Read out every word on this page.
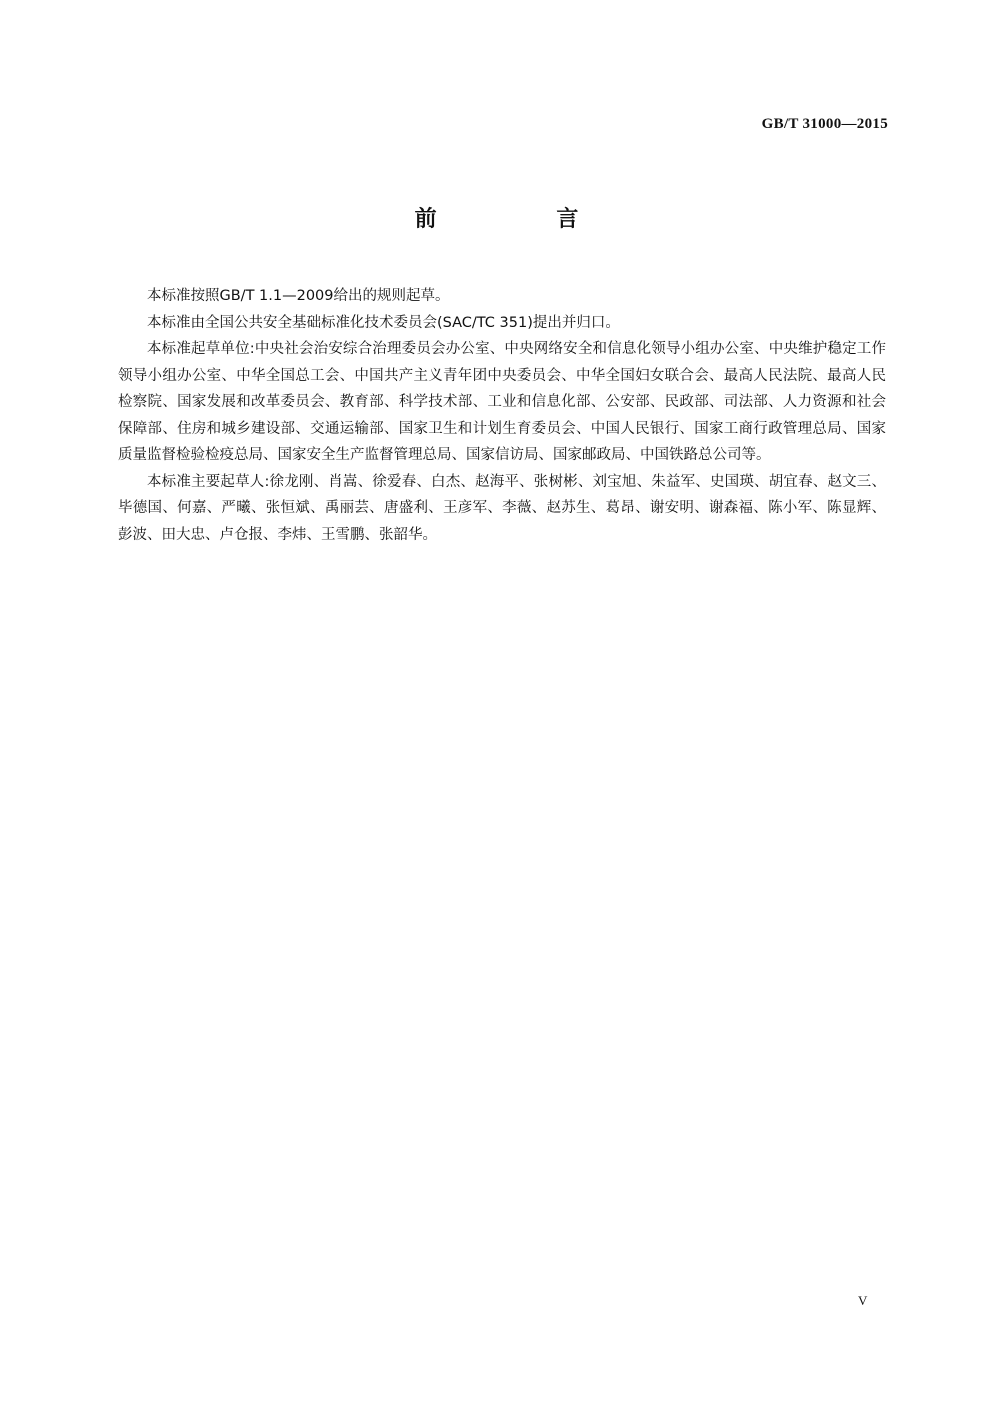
GB/T 31000—2015
前 言

本标准按照GB/T 1.1—2009给出的规则起草。

本标准由全国公共安全基础标准化技术委员会(SAC/TC 351)提出并归口。

本标准起草单位:中央社会治安综合治理委员会办公室、中央网络安全和信息化领导小组办公室、中央维护稳定工作领导小组办公室、中华全国总工会、中国共产主义青年团中央委员会、中华全国妇女联合会、最高人民法院、最高人民检察院、国家发展和改革委员会、教育部、科学技术部、工业和信息化部、公安部、民政部、司法部、人力资源和社会保障部、住房和城乡建设部、交通运输部、国家卫生和计划生育委员会、中国人民银行、国家工商行政管理总局、国家质量监督检验检疫总局、国家安全生产监督管理总局、国家信访局、国家邮政局、中国铁路总公司等。

本标准主要起草人:徐龙刚、肖嵩、徐爱春、白杰、赵海平、张树彬、刘宝旭、朱益军、史国瑛、胡宜春、赵文三、毕德国、何嘉、严曦、张恒斌、禹丽芸、唐盛利、王彦军、李薇、赵苏生、葛昂、谢安明、谢森福、陈小军、陈显辉、彭波、田大忠、卢仓报、李炜、王雪鹏、张韶华。

V
